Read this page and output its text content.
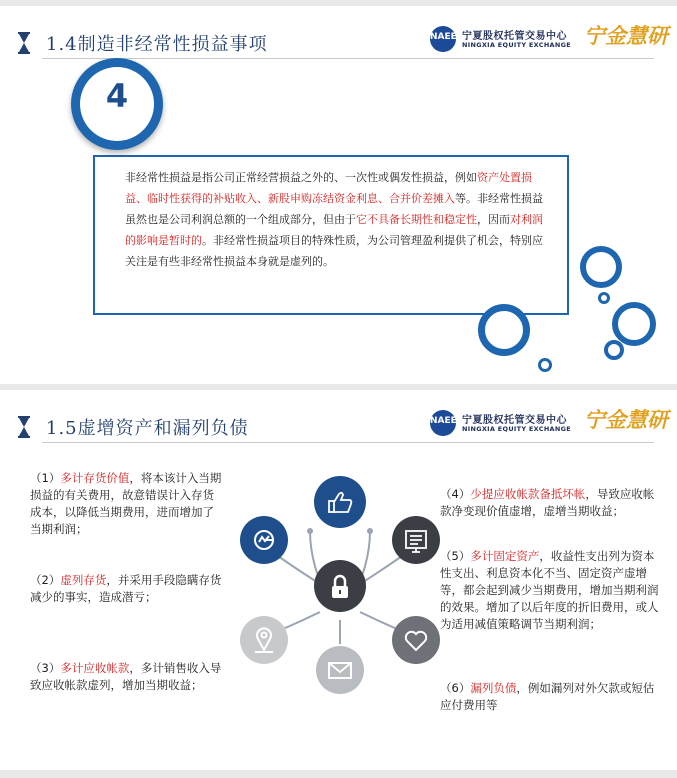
1.4制造非经常性损益事项	NAEE 宁夏股权托管交易中心
NINGXIA EQUITY EXCHANGE 宁金慧研
非经常性损益是指公司正常经营损益之外的、一次性或偶发性损益，例如资产处置损益、临时性获得的补贴收入、新股申购冻结资金利息、合并价差摊入等。非经常性损益虽然也是公司利润总额的一个组成部分，但由于它不具备长期性和稳定性，因而对利润的影响是暂时的。非经常性损益项目的特殊性质，为公司管理盈利提供了机会，特别应关注是有些非经常性损益本身就是虚列的。
4
1.5虚增资产和漏列负债	NAEE 宁夏股权托管交易中心
NINGXIA EQUITY EXCHANGE 宁金慧研
（1）多计存货价值，将本该计入当期损益的有关费用，故意错误计入存货成本，以降低当期费用，进而增加了当期利润；
（2）虚列存货，并采用手段隐瞒存货减少的事实，造成潜亏；
（3）多计应收帐款，多计销售收入导致应收帐款虚列，增加当期收益；
（4）少提应收帐款备抵坏帐，导致应收帐款净变现价值虚增，虚增当期收益；
（5）多计固定资产，收益性支出列为资本性支出、利息资本化不当、固定资产虚增等，都会起到减少当期费用，增加当期利润的效果。增加了以后年度的折旧费用，或人为适用减值策略调节当期利润；
（6）漏列负债，例如漏列对外欠款或短估应付费用等
